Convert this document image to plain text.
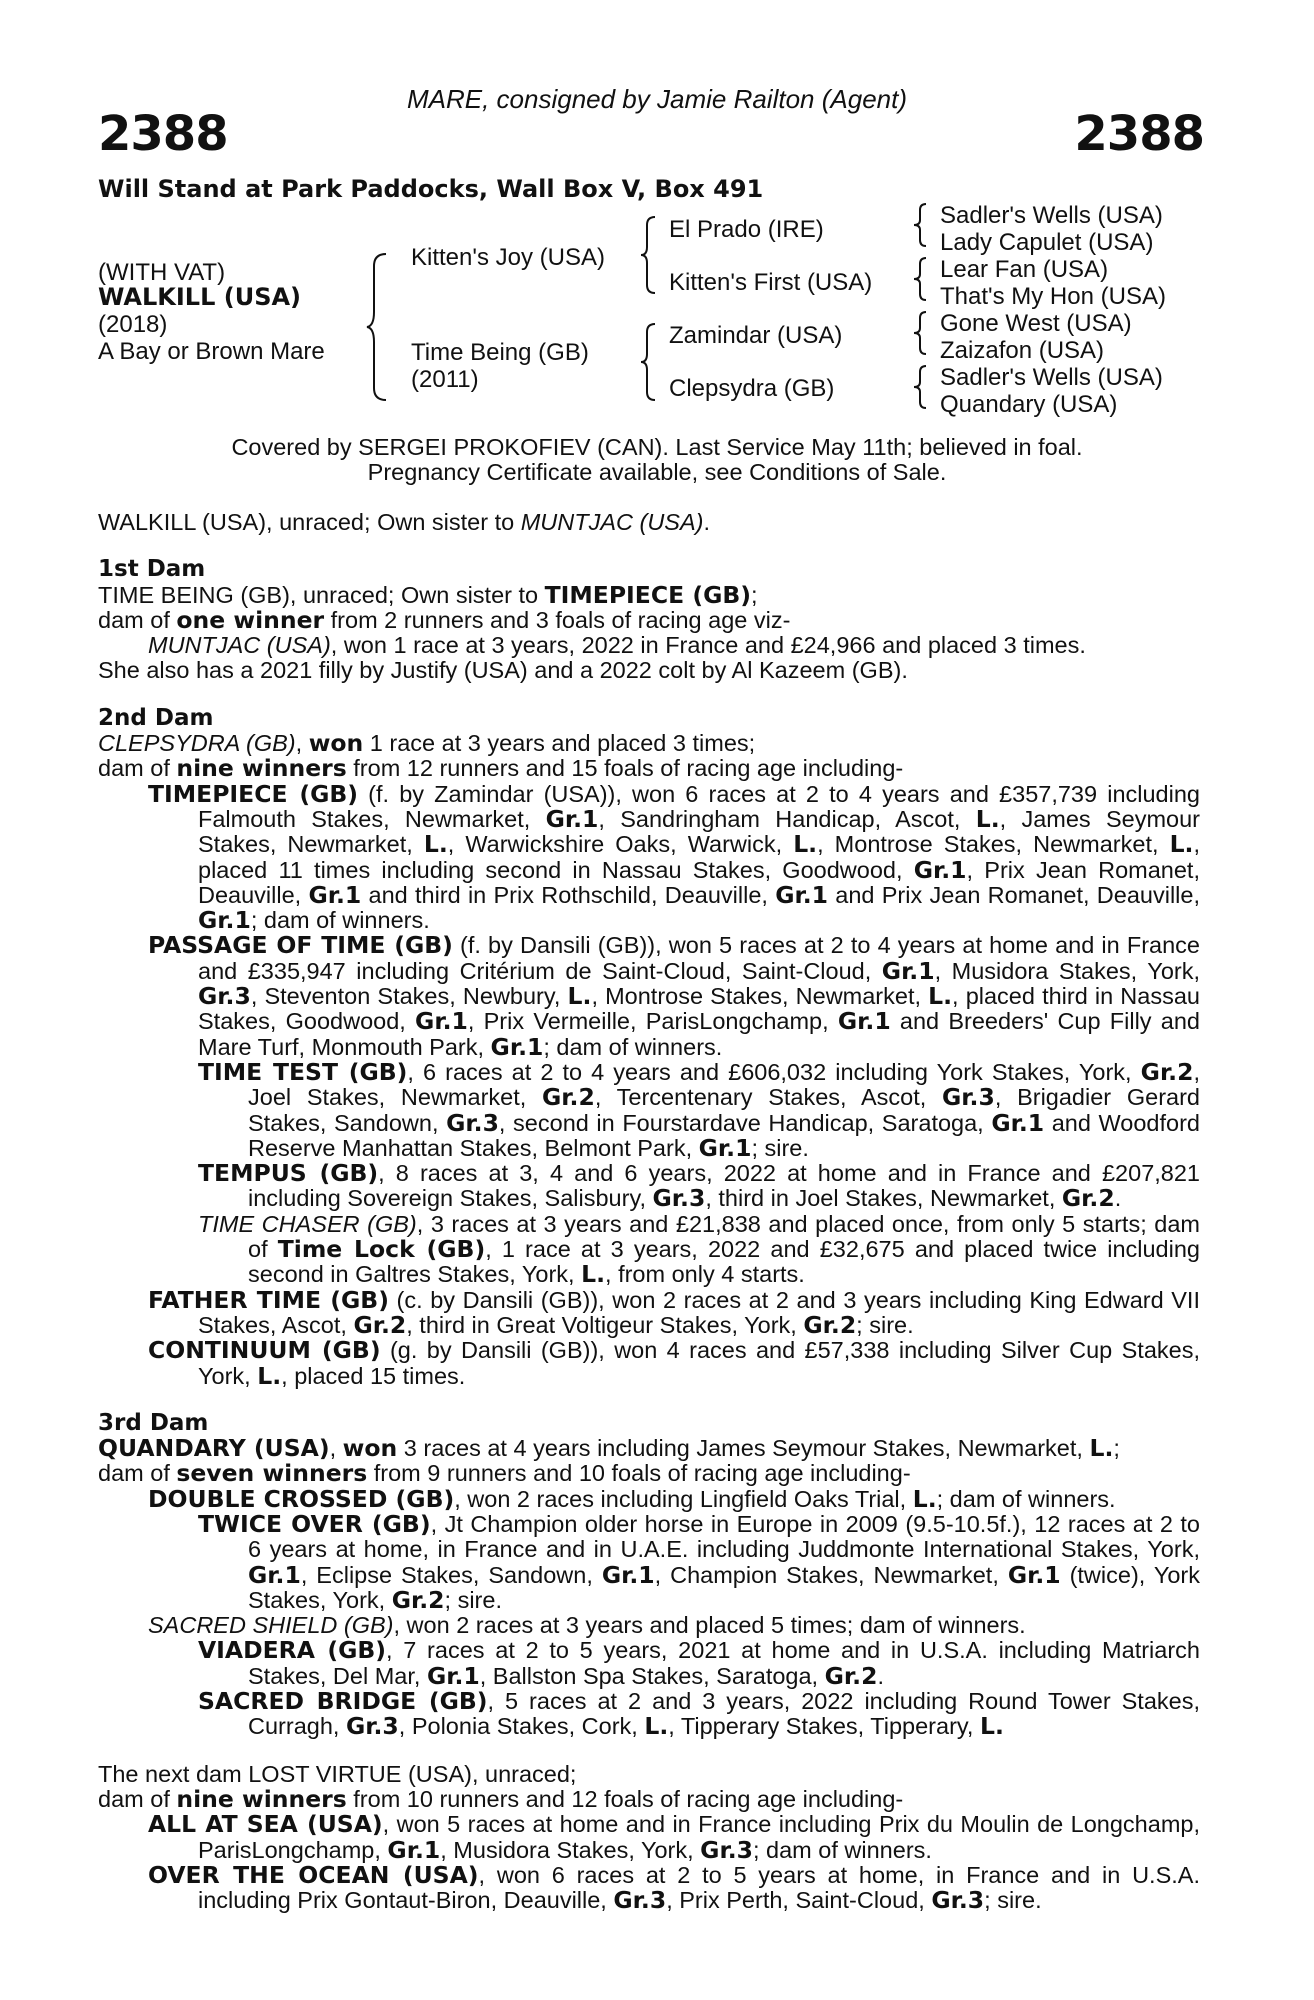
MARE, consigned by Jamie Railton (Agent)
2388	2388
Will Stand at Park Paddocks, Wall Box V, Box 491
(WITH VAT)
WALKILL (USA)
(2018)
A Bay or Brown Mare
Kitten's Joy (USA)
Time Being (GB)
(2011)
El Prado (IRE)
Kitten's First (USA)
Zamindar (USA)
Clepsydra (GB)
Sadler's Wells (USA)
Lady Capulet (USA)
Lear Fan (USA)
That's My Hon (USA)
Gone West (USA)
Zaizafon (USA)
Sadler's Wells (USA)
Quandary (USA)
Covered by SERGEI PROKOFIEV (CAN). Last Service May 11th; believed in foal.
Pregnancy Certificate available, see Conditions of Sale.

WALKILL (USA), unraced; Own sister to MUNTJAC (USA).

1st Dam

TIME BEING (GB), unraced; Own sister to TIMEPIECE (GB);

dam of one winner from 2 runners and 3 foals of racing age viz-

MUNTJAC (USA), won 1 race at 3 years, 2022 in France and £24,966 and placed 3 times.

She also has a 2021 filly by Justify (USA) and a 2022 colt by Al Kazeem (GB).

2nd Dam

CLEPSYDRA (GB), won 1 race at 3 years and placed 3 times;

dam of nine winners from 12 runners and 15 foals of racing age including-

TIMEPIECE (GB) (f. by Zamindar (USA)), won 6 races at 2 to 4 years and £357,739 including Falmouth Stakes, Newmarket, Gr.1, Sandringham Handicap, Ascot, L., James Seymour Stakes, Newmarket, L., Warwickshire Oaks, Warwick, L., Montrose Stakes, Newmarket, L., placed 11 times including second in Nassau Stakes, Goodwood, Gr.1, Prix Jean Romanet, Deauville, Gr.1 and third in Prix Rothschild, Deauville, Gr.1 and Prix Jean Romanet, Deauville, Gr.1; dam of winners.

PASSAGE OF TIME (GB) (f. by Dansili (GB)), won 5 races at 2 to 4 years at home and in France and £335,947 including Critérium de Saint-Cloud, Saint-Cloud, Gr.1, Musidora Stakes, York, Gr.3, Steventon Stakes, Newbury, L., Montrose Stakes, Newmarket, L., placed third in Nassau Stakes, Goodwood, Gr.1, Prix Vermeille, ParisLongchamp, Gr.1 and Breeders' Cup Filly and Mare Turf, Monmouth Park, Gr.1; dam of winners.

TIME TEST (GB), 6 races at 2 to 4 years and £606,032 including York Stakes, York, Gr.2, Joel Stakes, Newmarket, Gr.2, Tercentenary Stakes, Ascot, Gr.3, Brigadier Gerard Stakes, Sandown, Gr.3, second in Fourstardave Handicap, Saratoga, Gr.1 and Woodford Reserve Manhattan Stakes, Belmont Park, Gr.1; sire.

TEMPUS (GB), 8 races at 3, 4 and 6 years, 2022 at home and in France and £207,821 including Sovereign Stakes, Salisbury, Gr.3, third in Joel Stakes, Newmarket, Gr.2.

TIME CHASER (GB), 3 races at 3 years and £21,838 and placed once, from only 5 starts; dam of Time Lock (GB), 1 race at 3 years, 2022 and £32,675 and placed twice including second in Galtres Stakes, York, L., from only 4 starts.

FATHER TIME (GB) (c. by Dansili (GB)), won 2 races at 2 and 3 years including King Edward VII Stakes, Ascot, Gr.2, third in Great Voltigeur Stakes, York, Gr.2; sire.

CONTINUUM (GB) (g. by Dansili (GB)), won 4 races and £57,338 including Silver Cup Stakes, York, L., placed 15 times.

3rd Dam

QUANDARY (USA), won 3 races at 4 years including James Seymour Stakes, Newmarket, L.;

dam of seven winners from 9 runners and 10 foals of racing age including-

DOUBLE CROSSED (GB), won 2 races including Lingfield Oaks Trial, L.; dam of winners.

TWICE OVER (GB), Jt Champion older horse in Europe in 2009 (9.5-10.5f.), 12 races at 2 to 6 years at home, in France and in U.A.E. including Juddmonte International Stakes, York, Gr.1, Eclipse Stakes, Sandown, Gr.1, Champion Stakes, Newmarket, Gr.1 (twice), York Stakes, York, Gr.2; sire.

SACRED SHIELD (GB), won 2 races at 3 years and placed 5 times; dam of winners.

VIADERA (GB), 7 races at 2 to 5 years, 2021 at home and in U.S.A. including Matriarch Stakes, Del Mar, Gr.1, Ballston Spa Stakes, Saratoga, Gr.2.

SACRED BRIDGE (GB), 5 races at 2 and 3 years, 2022 including Round Tower Stakes, Curragh, Gr.3, Polonia Stakes, Cork, L., Tipperary Stakes, Tipperary, L.

The next dam LOST VIRTUE (USA), unraced;

dam of nine winners from 10 runners and 12 foals of racing age including-

ALL AT SEA (USA), won 5 races at home and in France including Prix du Moulin de Longchamp, ParisLongchamp, Gr.1, Musidora Stakes, York, Gr.3; dam of winners.

OVER THE OCEAN (USA), won 6 races at 2 to 5 years at home, in France and in U.S.A. including Prix Gontaut-Biron, Deauville, Gr.3, Prix Perth, Saint-Cloud, Gr.3; sire.
